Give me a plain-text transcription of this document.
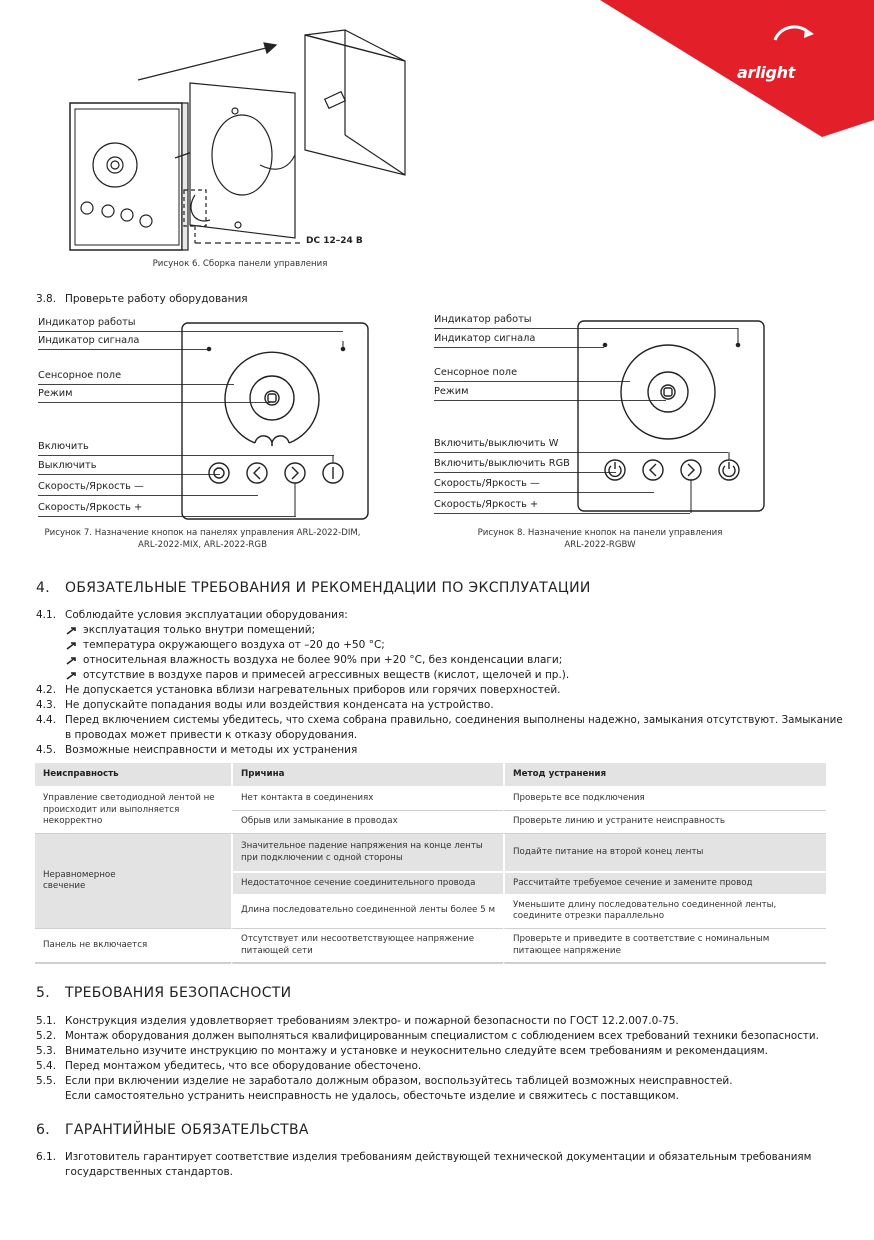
arlight
DC 12–24 В
Рисунок 6. Сборка панели управления
3.8. Проверьте работу оборудования
Индикатор работы
Индикатор сигнала
Сенсорное поле
Режим
Включить
Выключить
Скорость/Яркость —
Скорость/Яркость +
Рисунок 7. Назначение кнопок на панелях управления ARL-2022-DIM,
ARL-2022-MIX, ARL-2022-RGB
Индикатор работы
Индикатор сигнала
Сенсорное поле
Режим
Включить/выключить W
Включить/выключить RGB
Скорость/Яркость —
Скорость/Яркость +
Рисунок 8. Назначение кнопок на панели управления
ARL-2022-RGBW
4. ОБЯЗАТЕЛЬНЫЕ ТРЕБОВАНИЯ И РЕКОМЕНДАЦИИ ПО ЭКСПЛУАТАЦИИ
4.1. Соблюдайте условия эксплуатации оборудования:
эксплуатация только внутри помещений;
температура окружающего воздуха от –20 до +50 °C;
относительная влажность воздуха не более 90% при +20 °C, без конденсации влаги;
отсутствие в воздухе паров и примесей агрессивных веществ (кислот, щелочей и пр.).
4.2. Не допускается установка вблизи нагревательных приборов или горячих поверхностей.
4.3. Не допускайте попадания воды или воздействия конденсата на устройство.
4.4. Перед включением системы убедитесь, что схема собрана правильно, соединения выполнены надежно, замыкания отсутствуют. Замыкание
в проводах может привести к отказу оборудования.
4.5. Возможные неисправности и методы их устранения
Неисправность	Причина	Метод устранения
Управление светодиодной лентой не происходит или выполняется некорректно	Нет контакта в соединениях	Проверьте все подключения
	Обрыв или замыкание в проводах	Проверьте линию и устраните неисправность

Неравномерное
свечение	Значительное падение напряжения на конце ленты при подключении с одной стороны	Подайте питание на второй конец ленты
	Недостаточное сечение соединительного провода	Рассчитайте требуемое сечение и замените провод
	Длина последовательно соединенной ленты более 5 м	Уменьшите длину последовательно соединенной ленты, соедините отрезки параллельно
Панель не включается	Отсутствует или несоответствующее напряжение питающей сети	Проверьте и приведите в соответствие с номинальным питающее напряжение
5. ТРЕБОВАНИЯ БЕЗОПАСНОСТИ
5.1. Конструкция изделия удовлетворяет требованиям электро- и пожарной безопасности по ГОСТ 12.2.007.0-75.
5.2. Монтаж оборудования должен выполняться квалифицированным специалистом с соблюдением всех требований техники безопасности.
5.3. Внимательно изучите инструкцию по монтажу и установке и неукоснительно следуйте всем требованиям и рекомендациям.
5.4. Перед монтажом убедитесь, что все оборудование обесточено.
5.5. Если при включении изделие не заработало должным образом, воспользуйтесь таблицей возможных неисправностей.
Если самостоятельно устранить неисправность не удалось, обесточьте изделие и свяжитесь с поставщиком.
6. ГАРАНТИЙНЫЕ ОБЯЗАТЕЛЬСТВА
6.1. Изготовитель гарантирует соответствие изделия требованиям действующей технической документации и обязательным требованиям
государственных стандартов.
